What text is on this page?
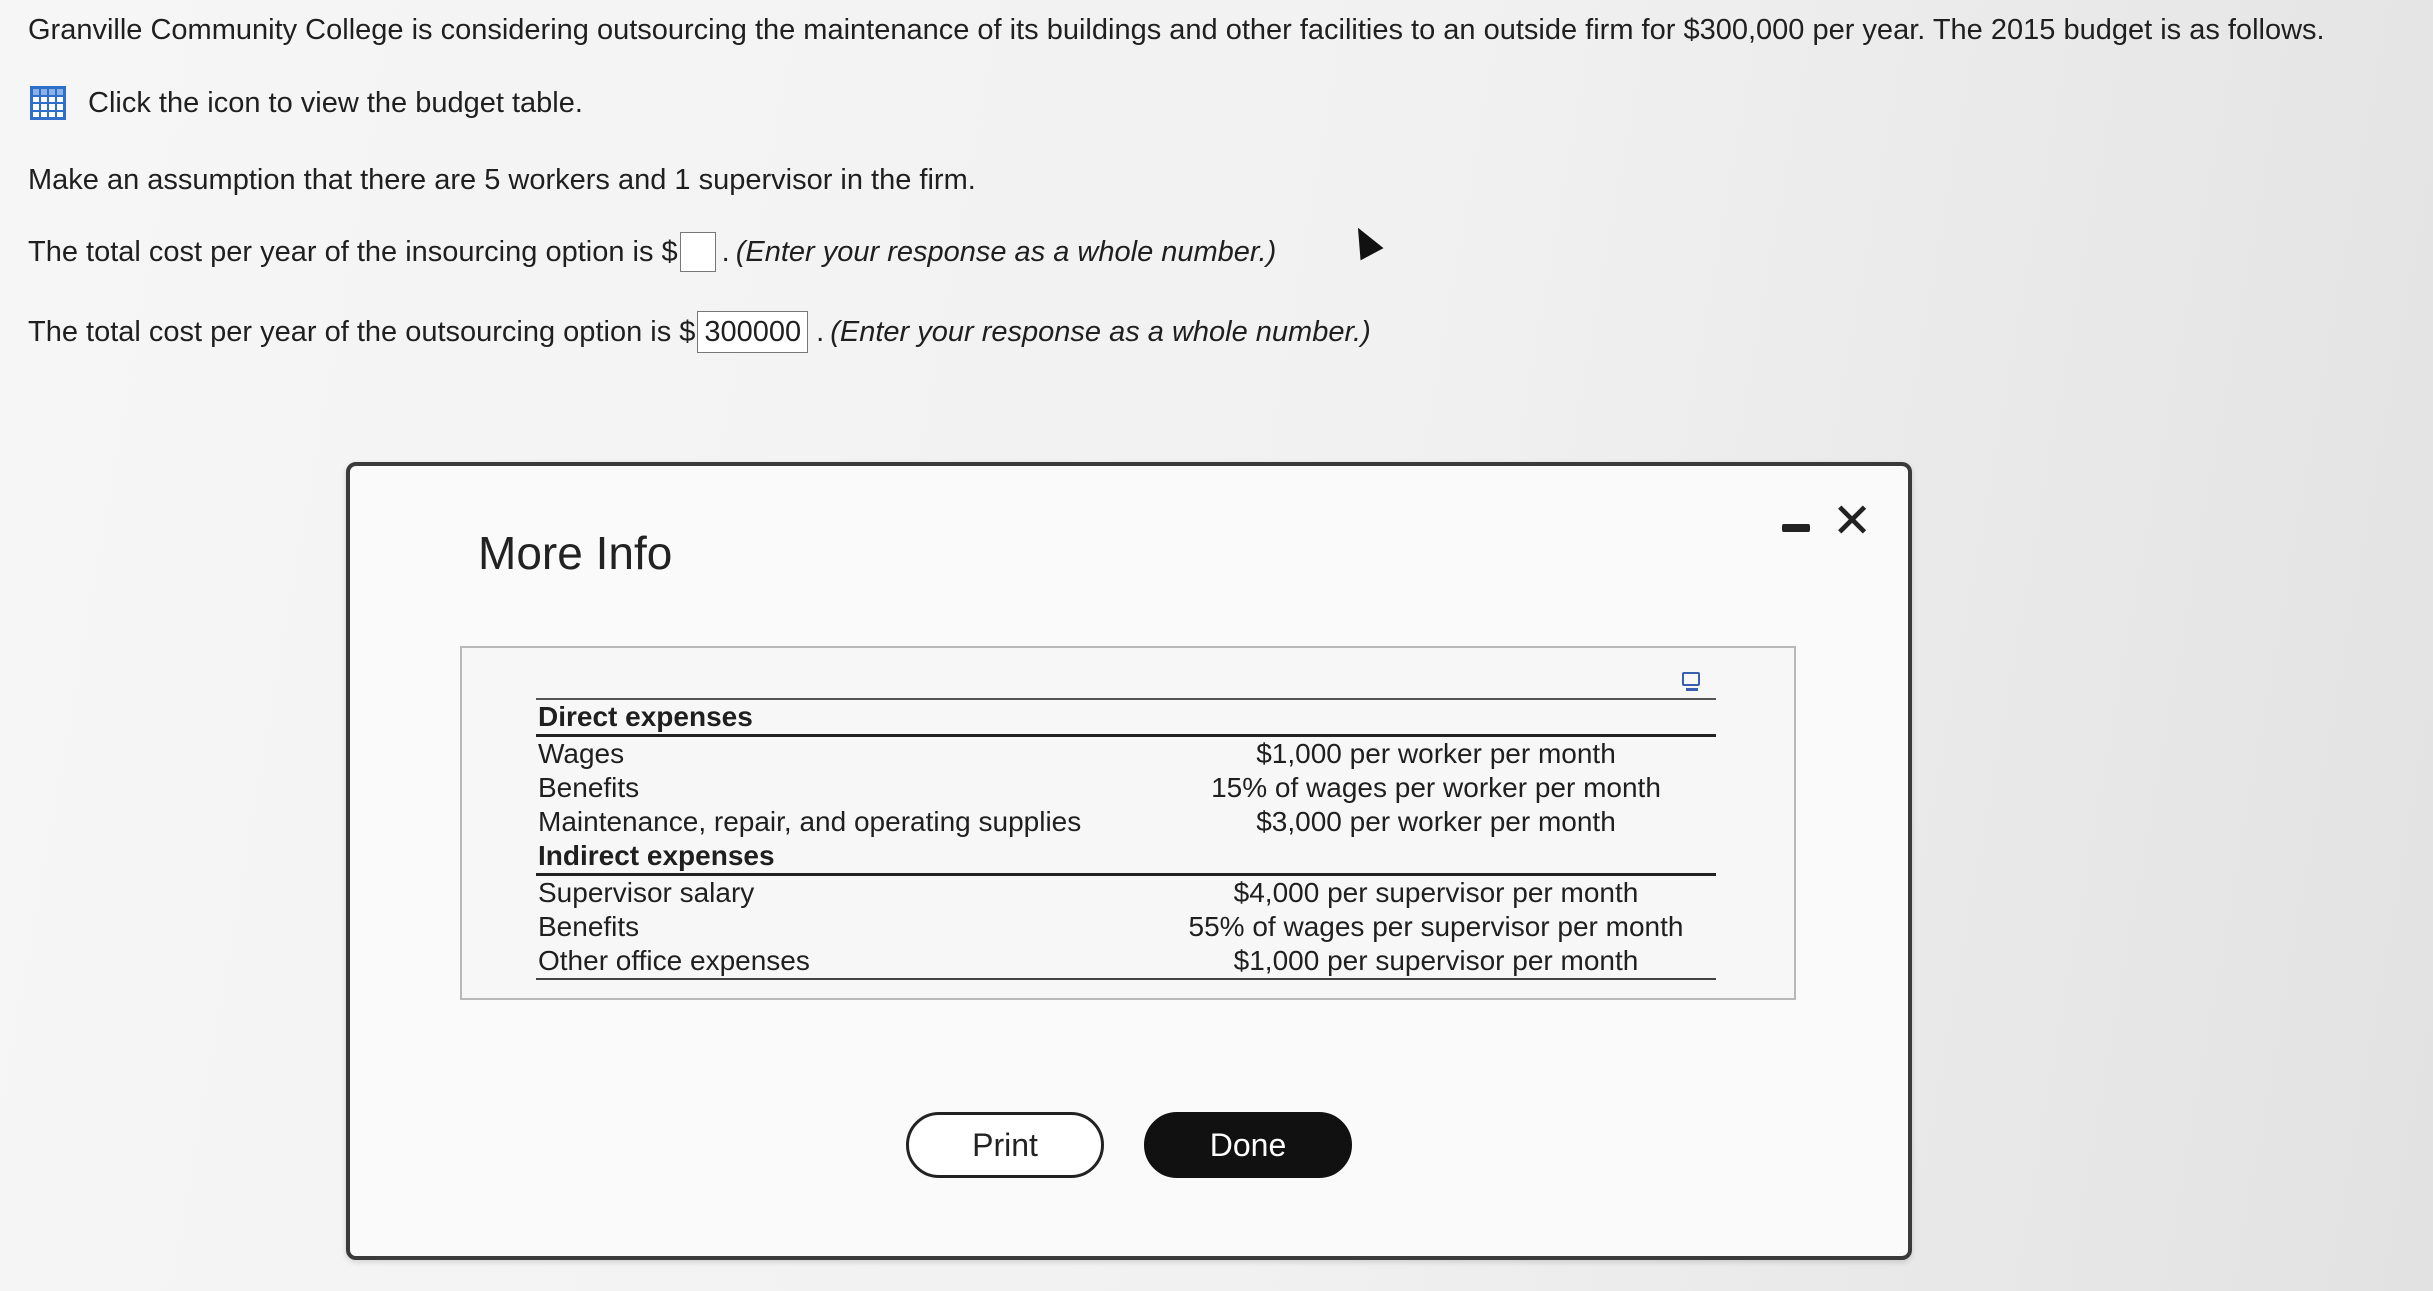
Granville Community College is considering outsourcing the maintenance of its buildings and other facilities to an outside firm for $300,000 per year. The 2015 budget is as follows.
Click the icon to view the budget table.
Make an assumption that there are 5 workers and 1 supervisor in the firm.
The total cost per year of the insourcing option is $ . (Enter your response as a whole number.)
The total cost per year of the outsourcing option is $ 300000 . (Enter your response as a whole number.)
More Info
✕
Direct expenses	
Wages	$1,000 per worker per month
Benefits	15% of wages per worker per month
Maintenance, repair, and operating supplies	$3,000 per worker per month
Indirect expenses	
Supervisor salary	$4,000 per supervisor per month
Benefits	55% of wages per supervisor per month
Other office expenses	$1,000 per supervisor per month
Print	Done
